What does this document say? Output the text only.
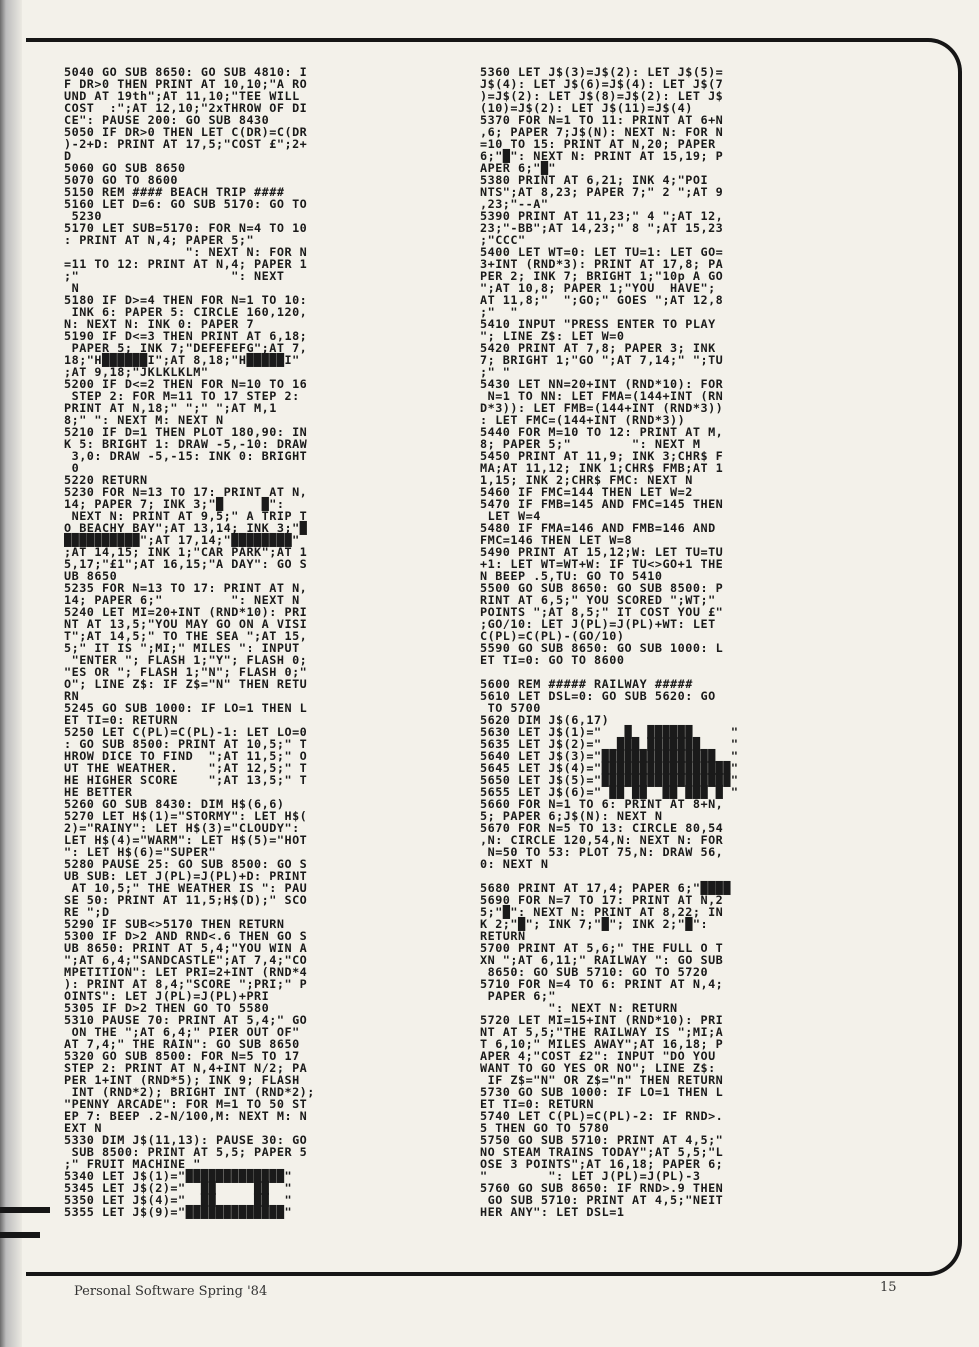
5040 GO SUB 8650: GO SUB 4810: I
F DR>0 THEN PRINT AT 10,10;"A RO
UND AT 19th";AT 11,10;"TEE WILL
COST  :";AT 12,10;"2xTHROW OF DI
CE": PAUSE 200: GO SUB 8430
5050 IF DR>0 THEN LET C(DR)=C(DR
)-2+D: PRINT AT 17,5;"COST £";2+
D
5060 GO SUB 8650
5070 GO TO 8600
5150 REM #### BEACH TRIP ####
5160 LET D=6: GO SUB 5170: GO TO
5230
5170 LET SUB=5170: FOR N=4 TO 10
: PRINT AT N,4; PAPER 5;"
": NEXT N: FOR N
=11 TO 12: PRINT AT N,4; PAPER 1
;"                    ": NEXT
N
5180 IF D>=4 THEN FOR N=1 TO 10:
INK 6: PAPER 5: CIRCLE 160,120,
N: NEXT N: INK 0: PAPER 7
5190 IF D<=3 THEN PRINT AT 6,18;
PAPER 5; INK 7;"DEFEFEFG";AT 7,
18;"H██████I";AT 8,18;"H█████I"
;AT 9,18;"JKLKLKLM"
5200 IF D<=2 THEN FOR N=10 TO 16
STEP 2: FOR M=11 TO 17 STEP 2:
PRINT AT N,18;" ";" ";AT M,1
8;" ": NEXT M: NEXT N
5210 IF D=1 THEN PLOT 180,90: IN
K 5: BRIGHT 1: DRAW -5,-10: DRAW
3,0: DRAW -5,-15: INK 0: BRIGHT
0
5220 RETURN
5230 FOR N=13 TO 17: PRINT AT N,
14; PAPER 7; INK 3;"█     █":
NEXT N: PRINT AT 9,5;" A TRIP T
O BEACHY BAY";AT 13,14; INK 3;"█
██████████";AT 17,14;"████████"
;AT 14,15; INK 1;"CAR PARK";AT 1
5,17;"£1";AT 16,15;"A DAY": GO S
UB 8650
5235 FOR N=13 TO 17: PRINT AT N,
14; PAPER 6;"         ": NEXT N
5240 LET MI=20+INT (RND*10): PRI
NT AT 13,5;"YOU MAY GO ON A VISI
T";AT 14,5;" TO THE SEA ";AT 15,
5;" IT IS ";MI;" MILES ": INPUT
"ENTER "; FLASH 1;"Y"; FLASH 0;
"ES OR "; FLASH 1;"N"; FLASH 0;"
O"; LINE Z$: IF Z$="N" THEN RETU
RN
5245 GO SUB 1000: IF LO=1 THEN L
ET TI=0: RETURN
5250 LET C(PL)=C(PL)-1: LET LO=0
: GO SUB 8500: PRINT AT 10,5;" T
HROW DICE TO FIND  ";AT 11,5;" O
UT THE WEATHER.    ";AT 12,5;" T
HE HIGHER SCORE    ";AT 13,5;" T
HE BETTER
5260 GO SUB 8430: DIM H$(6,6)
5270 LET H$(1)="STORMY": LET H$(
2)="RAINY": LET H$(3)="CLOUDY":
LET H$(4)="WARM": LET H$(5)="HOT
": LET H$(6)="SUPER"
5280 PAUSE 25: GO SUB 8500: GO S
UB SUB: LET J(PL)=J(PL)+D: PRINT
AT 10,5;" THE WEATHER IS ": PAU
SE 50: PRINT AT 11,5;H$(D);" SCO
RE ";D
5290 IF SUB<>5170 THEN RETURN
5300 IF D>2 AND RND<.6 THEN GO S
UB 8650: PRINT AT 5,4;"YOU WIN A
";AT 6,4;"SANDCASTLE";AT 7,4;"CO
MPETITION": LET PRI=2+INT (RND*4
): PRINT AT 8,4;"SCORE ";PRI;" P
OINTS": LET J(PL)=J(PL)+PRI
5305 IF D>2 THEN GO TO 5580
5310 PAUSE 70: PRINT AT 5,4;" GO
ON THE ";AT 6,4;" PIER OUT OF"
AT 7,4;" THE RAIN": GO SUB 8650
5320 GO SUB 8500: FOR N=5 TO 17
STEP 2: PRINT AT N,4+INT N/2; PA
PER 1+INT (RND*5); INK 9; FLASH
INT (RND*2); BRIGHT INT (RND*2);
"PENNY ARCADE": FOR M=1 TO 50 ST
EP 7: BEEP .2-N/100,M: NEXT M: N
EXT N
5330 DIM J$(11,13): PAUSE 30: GO
SUB 8500: PRINT AT 5,5; PAPER 5
;" FRUIT MACHINE "
5340 LET J$(1)="█████████████"
5345 LET J$(2)="  ██     ██  "
5350 LET J$(4)="  ██     ██  "
5355 LET J$(9)="█████████████"
5360 LET J$(3)=J$(2): LET J$(5)=
J$(4): LET J$(6)=J$(4): LET J$(7
)=J$(2): LET J$(8)=J$(2): LET J$
(10)=J$(2): LET J$(11)=J$(4)
5370 FOR N=1 TO 11: PRINT AT 6+N
,6; PAPER 7;J$(N): NEXT N: FOR N
=10 TO 15: PRINT AT N,20; PAPER
6;"█": NEXT N: PRINT AT 15,19; P
APER 6;"█"
5380 PRINT AT 6,21; INK 4;"POI
NTS";AT 8,23; PAPER 7;" 2 ";AT 9
,23;"--A"
5390 PRINT AT 11,23;" 4 ";AT 12,
23;"-BB";AT 14,23;" 8 ";AT 15,23
;"CCC"
5400 LET WT=0: LET TU=1: LET GO=
3+INT (RND*3): PRINT AT 17,8; PA
PER 2; INK 7; BRIGHT 1;"10p A GO
";AT 10,8; PAPER 1;"YOU  HAVE";
AT 11,8;"  ";GO;" GOES ";AT 12,8
;"  "
5410 INPUT "PRESS ENTER TO PLAY
"; LINE Z$: LET W=0
5420 PRINT AT 7,8; PAPER 3; INK
7; BRIGHT 1;"GO ";AT 7,14;" ";TU
;" "
5430 LET NN=20+INT (RND*10): FOR
N=1 TO NN: LET FMA=(144+INT (RN
D*3)): LET FMB=(144+INT (RND*3))
: LET FMC=(144+INT (RND*3))
5440 FOR M=10 TO 12: PRINT AT M,
8; PAPER 5;"        ": NEXT M
5450 PRINT AT 11,9; INK 3;CHR$ F
MA;AT 11,12; INK 1;CHR$ FMB;AT 1
1,15; INK 2;CHR$ FMC: NEXT N
5460 IF FMC=144 THEN LET W=2
5470 IF FMB=145 AND FMC=145 THEN
LET W=4
5480 IF FMA=146 AND FMB=146 AND
FMC=146 THEN LET W=8
5490 PRINT AT 15,12;W: LET TU=TU
+1: LET WT=WT+W: IF TU<>GO+1 THE
N BEEP .5,TU: GO TO 5410
5500 GO SUB 8650: GO SUB 8500: P
RINT AT 6,5;" YOU SCORED ";WT;"
POINTS ";AT 8,5;" IT COST YOU £"
;GO/10: LET J(PL)=J(PL)+WT: LET
C(PL)=C(PL)-(GO/10)
5590 GO SUB 8650: GO SUB 1000: L
ET TI=0: GO TO 8600
5600 REM ##### RAILWAY #####
5610 LET DSL=0: GO SUB 5620: GO
TO 5700
5620 DIM J$(6,17)
5630 LET J$(1)="   █  ██████     "
5635 LET J$(2)="  ███ ███████    "
5640 LET J$(3)="███████████████  "
5645 LET J$(4)="█████████████████"
5650 LET J$(5)="█████████████████"
5655 LET J$(6)=" ██ ██  ██ ███ █ "
5660 FOR N=1 TO 6: PRINT AT 8+N,
5; PAPER 6;J$(N): NEXT N
5670 FOR N=5 TO 13: CIRCLE 80,54
,N: CIRCLE 120,54,N: NEXT N: FOR
N=50 TO 53: PLOT 75,N: DRAW 56,
0: NEXT N
5680 PRINT AT 17,4; PAPER 6;"████
5690 FOR N=7 TO 17: PRINT AT N,2
5;"█": NEXT N: PRINT AT 8,22; IN
K 2;"█"; INK 7;"█"; INK 2;"█":
RETURN
5700 PRINT AT 5,6;" THE FULL O T
XN ";AT 6,11;" RAILWAY ": GO SUB
8650: GO SUB 5710: GO TO 5720
5710 FOR N=4 TO 6: PRINT AT N,4;
PAPER 6;"
": NEXT N: RETURN
5720 LET MI=15+INT (RND*10): PRI
NT AT 5,5;"THE RAILWAY IS ";MI;A
T 6,10;" MILES AWAY";AT 16,18; P
APER 4;"COST £2": INPUT "DO YOU
WANT TO GO YES OR NO"; LINE Z$:
IF Z$="N" OR Z$="n" THEN RETURN
5730 GO SUB 1000: IF LO=1 THEN L
ET TI=0: RETURN
5740 LET C(PL)=C(PL)-2: IF RND>.
5 THEN GO TO 5780
5750 GO SUB 5710: PRINT AT 4,5;"
NO STEAM TRAINS TODAY";AT 5,5;"L
OSE 3 POINTS";AT 16,18; PAPER 6;
"        ": LET J(PL)=J(PL)-3
5760 GO SUB 8650: IF RND>.9 THEN
GO SUB 5710: PRINT AT 4,5;"NEIT
HER ANY": LET DSL=1
Personal Software Spring '84	15
